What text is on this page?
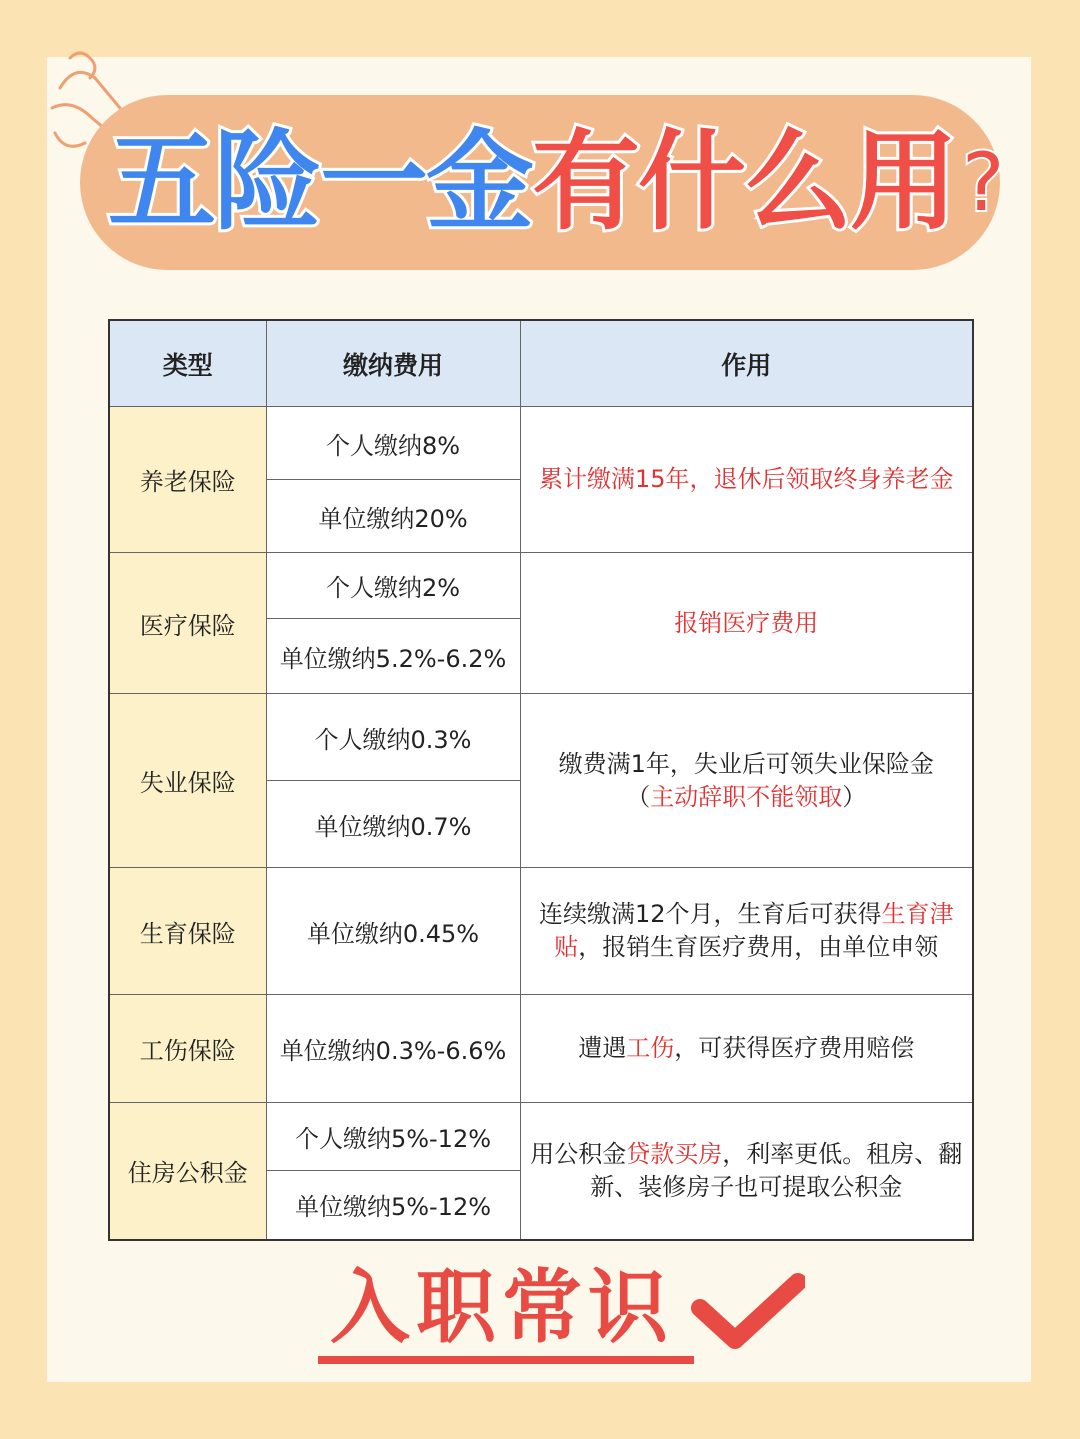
五险一金 有什么用 ?
类型	缴纳费用	作用
养老保险	个人缴纳8%	累计缴满15年，退休后领取终身养老金
	单位缴纳20%	
医疗保险	个人缴纳2%	报销医疗费用
	单位缴纳5.2%-6.2%	
失业保险	个人缴纳0.3%	缴费满1年，失业后可领失业保险金
（主动辞职不能领取）
	单位缴纳0.7%	
生育保险	单位缴纳0.45%	连续缴满12个月，生育后可获得生育津贴，报销生育医疗费用，由单位申领
工伤保险	单位缴纳0.3%-6.6%	遭遇工伤，可获得医疗费用赔偿
住房公积金	个人缴纳5%-12%	用公积金贷款买房，利率更低。租房、翻新、装修房子也可提取公积金
	单位缴纳5%-12%	
入职常识
